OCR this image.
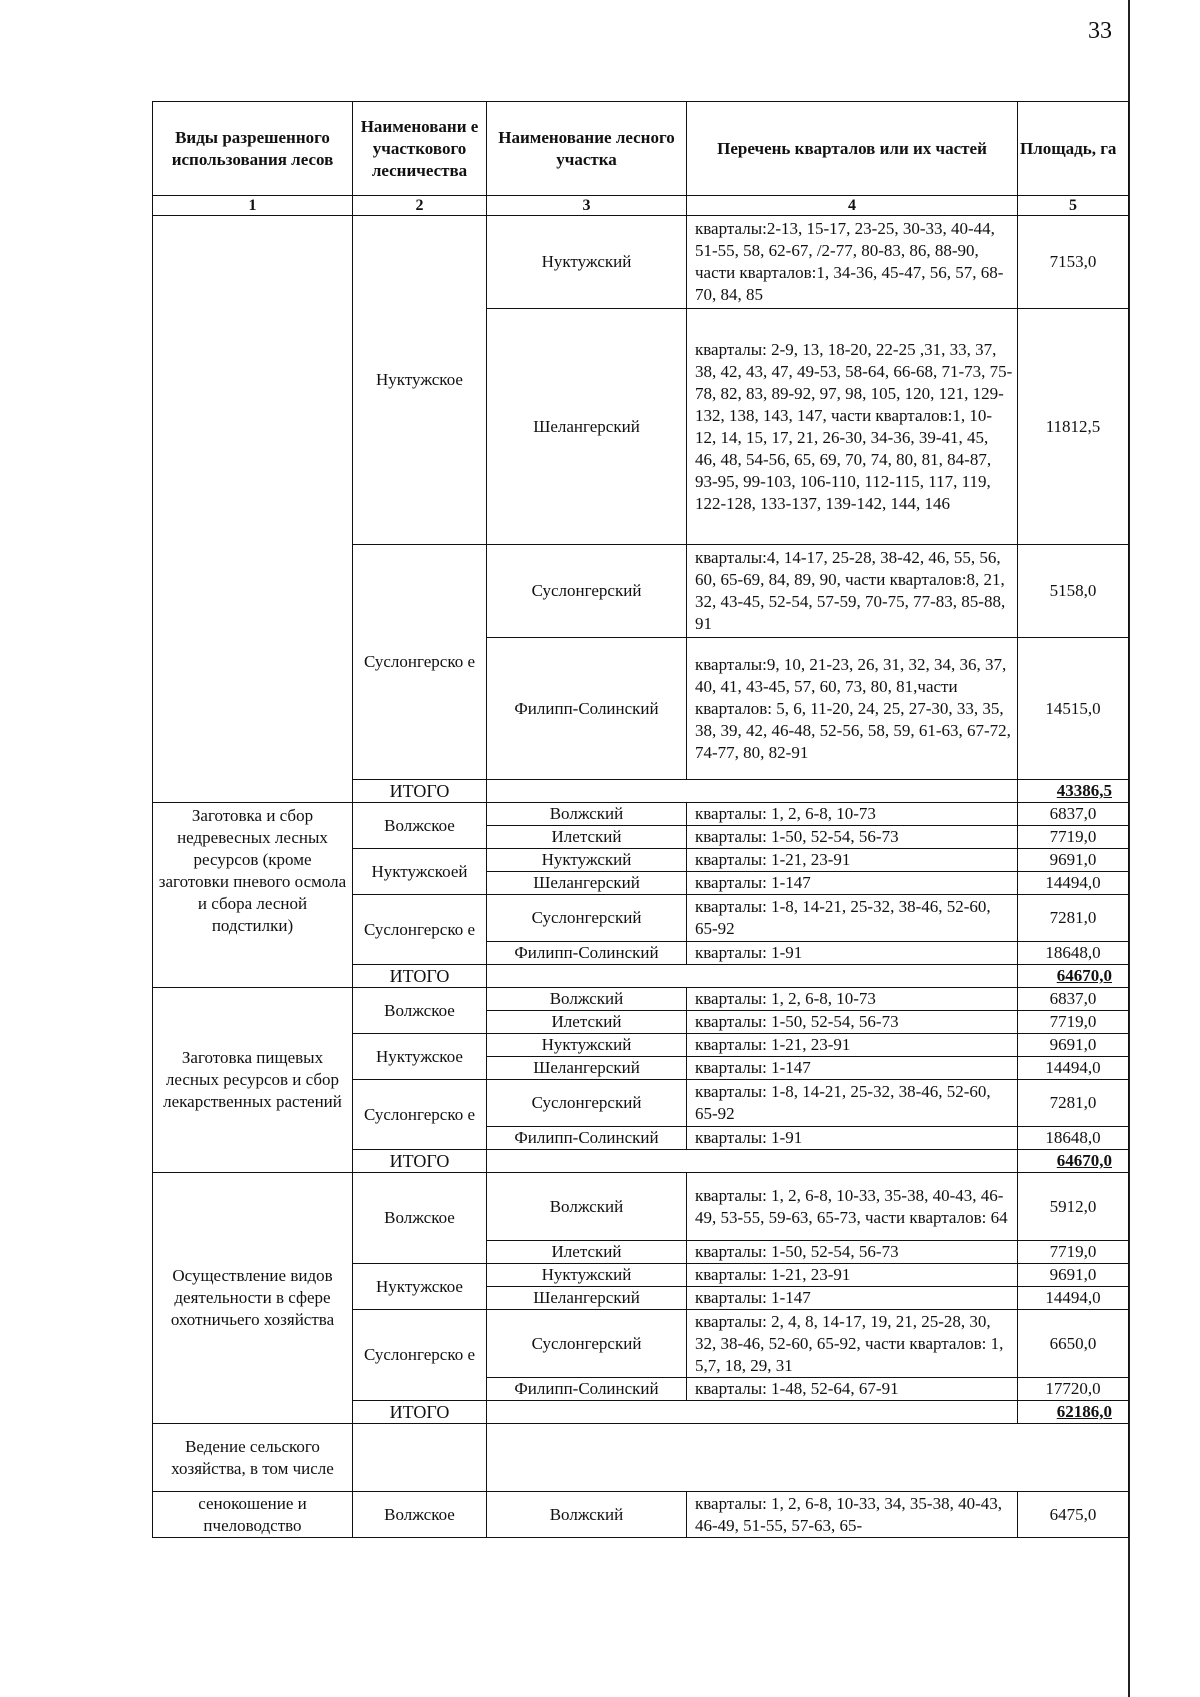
33
Виды разрешенного использования лесов	Наименовани е участкового лесничества	Наименование лесного участка	Перечень кварталов или их частей	Площадь, га
1	2	3	4	5
	Нуктужское	Нуктужский	кварталы:2-13, 15-17, 23-25, 30-33, 40-44, 51-55, 58, 62-67, /2-77, 80-83, 86, 88-90, части кварталов:1, 34-36, 45-47, 56, 57, 68-70, 84, 85	7153,0
		Шелангерский	кварталы: 2-9, 13, 18-20, 22-25 ,31, 33, 37, 38, 42, 43, 47, 49-53, 58-64, 66-68, 71-73, 75-78, 82, 83, 89-92, 97, 98, 105, 120, 121, 129-132, 138, 143, 147, части кварталов:1, 10-12, 14, 15, 17, 21, 26-30, 34-36, 39-41, 45, 46, 48, 54-56, 65, 69, 70, 74, 80, 81, 84-87, 93-95, 99-103, 106-110, 112-115, 117, 119, 122-128, 133-137, 139-142, 144, 146	11812,5
	Суслонгерско е	Суслонгерский	кварталы:4, 14-17, 25-28, 38-42, 46, 55, 56, 60, 65-69, 84, 89, 90, части кварталов:8, 21, 32, 43-45, 52-54, 57-59, 70-75, 77-83, 85-88, 91	5158,0
		Филипп-Солинский	кварталы:9, 10, 21-23, 26, 31, 32, 34, 36, 37, 40, 41, 43-45, 57, 60, 73, 80, 81,части кварталов: 5, 6, 11-20, 24, 25, 27-30, 33, 35, 38, 39, 42, 46-48, 52-56, 58, 59, 61-63, 67-72, 74-77, 80, 82-91	14515,0
	ИТОГО			43386,5
Заготовка и сбор недревесных лесных ресурсов (кроме заготовки пневого осмола и сбора лесной подстилки)	Волжское	Волжский	кварталы: 1, 2, 6-8, 10-73	6837,0
		Илетский	кварталы: 1-50, 52-54, 56-73	7719,0
	Нуктужскоей	Нуктужский	кварталы: 1-21, 23-91	9691,0
		Шелангерский	кварталы: 1-147	14494,0
	Суслонгерско е	Суслонгерский	кварталы: 1-8, 14-21, 25-32, 38-46, 52-60, 65-92	7281,0
		Филипп-Солинский	кварталы: 1-91	18648,0
	ИТОГО			64670,0
Заготовка пищевых лесных ресурсов и сбор лекарственных растений	Волжское	Волжский	кварталы: 1, 2, 6-8, 10-73	6837,0
		Илетский	кварталы: 1-50, 52-54, 56-73	7719,0
	Нуктужское	Нуктужский	кварталы: 1-21, 23-91	9691,0
		Шелангерский	кварталы: 1-147	14494,0
	Суслонгерско е	Суслонгерский	кварталы: 1-8, 14-21, 25-32, 38-46, 52-60, 65-92	7281,0
		Филипп-Солинский	кварталы: 1-91	18648,0
	ИТОГО			64670,0
Осуществление видов деятельности в сфере охотничьего хозяйства	Волжское	Волжский	кварталы: 1, 2, 6-8, 10-33, 35-38, 40-43, 46-49, 53-55, 59-63, 65-73, части кварталов: 64	5912,0
		Илетский	кварталы: 1-50, 52-54, 56-73	7719,0
	Нуктужское	Нуктужский	кварталы: 1-21, 23-91	9691,0
		Шелангерский	кварталы: 1-147	14494,0
	Суслонгерско е	Суслонгерский	кварталы: 2, 4, 8, 14-17, 19, 21, 25-28, 30, 32, 38-46, 52-60, 65-92, части кварталов: 1, 5,7, 18, 29, 31	6650,0
		Филипп-Солинский	кварталы: 1-48, 52-64, 67-91	17720,0
	ИТОГО			62186,0
Ведение сельского хозяйства, в том числе				
сенокошение и пчеловодство	Волжское	Волжский	кварталы: 1, 2, 6-8, 10-33, 34, 35-38, 40-43, 46-49, 51-55, 57-63, 65-	6475,0
